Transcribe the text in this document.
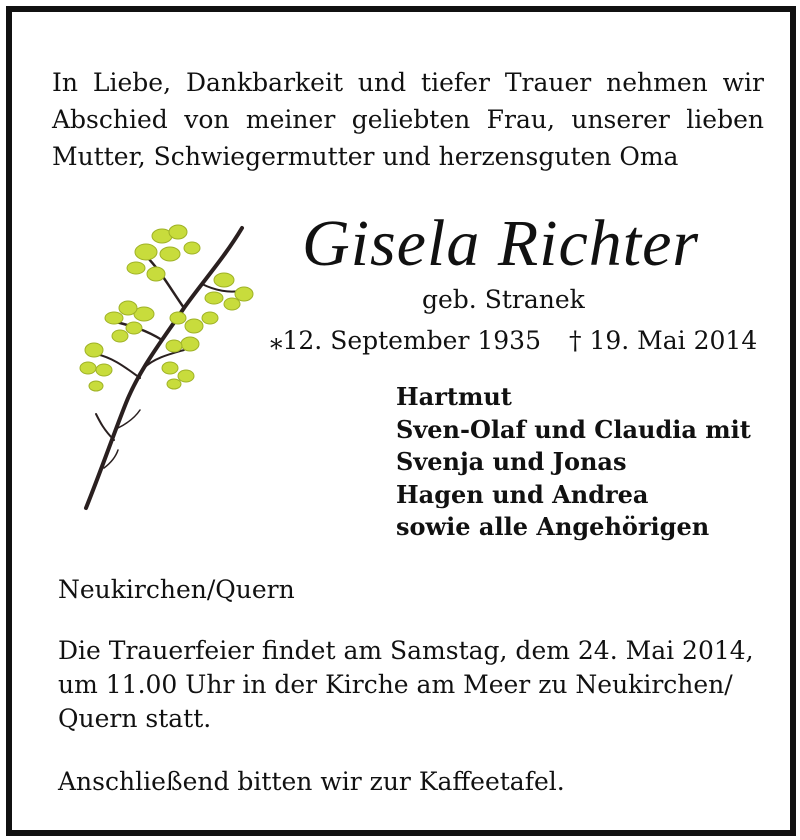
In Liebe, Dankbarkeit und tiefer Trauer nehmen wir
Abschied von meiner geliebten Frau, unserer lieben
Mutter, Schwiegermutter und herzensguten Oma

Gisela Richter

geb. Stranek

⁎12. September 1935 † 19. Mai 2014

Hartmut
Sven-Olaf und Claudia mit
Svenja und Jonas
Hagen und Andrea
sowie alle Angehörigen

Neukirchen/Quern

Die Trauerfeier findet am Samstag, dem 24. Mai 2014,
um 11.00 Uhr in der Kirche am Meer zu Neukirchen/
Quern statt.

Anschließend bitten wir zur Kaffeetafel.
